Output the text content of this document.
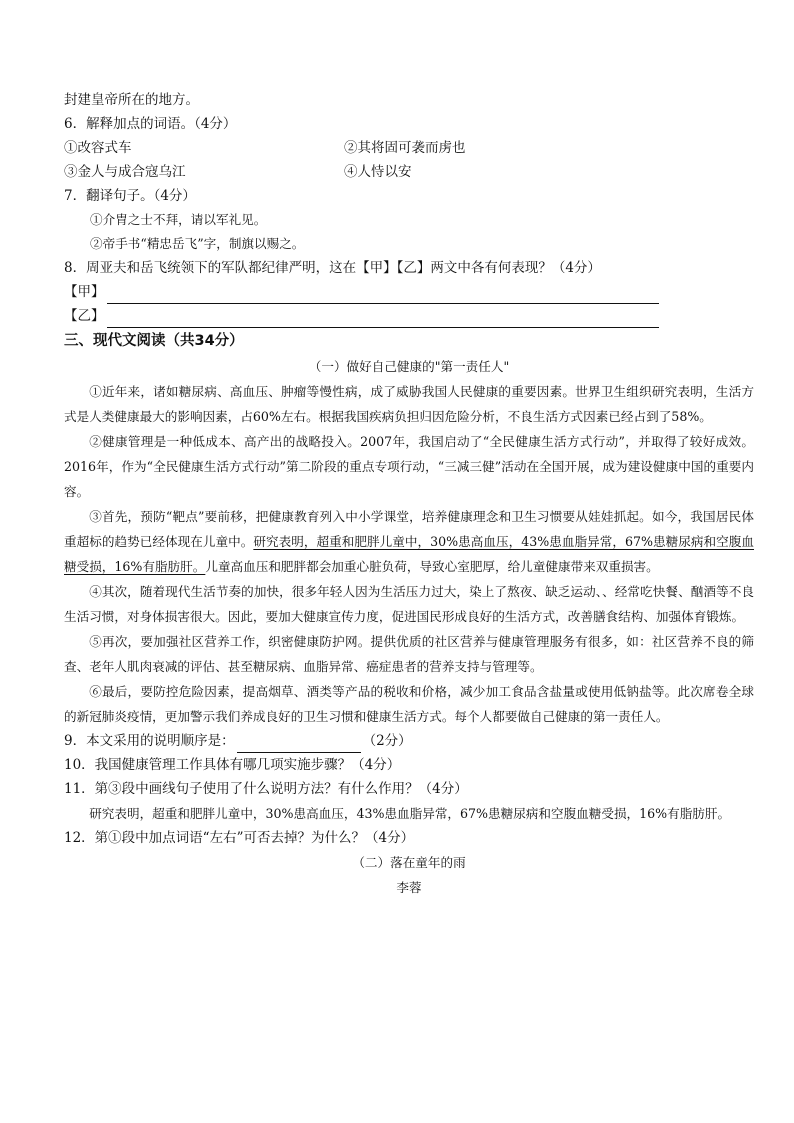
封建皇帝所在的地方。
6．解释加点的词语。（4分）
①改容式车	②其将固可袭而虏也
③金人与成合寇乌江	④人恃以安
7．翻译句子。（4分）
①介胄之士不拜，请以军礼见。
②帝手书“精忠岳飞”字，制旗以赐之。
8．周亚夫和岳飞统领下的军队都纪律严明，这在【甲】【乙】两文中各有何表现？（4分）
【甲】
【乙】
三、现代文阅读（共34分）
（一）做好自己健康的"第一责任人"

①近年来，诸如糖尿病、高血压、肿瘤等慢性病，成了威胁我国人民健康的重要因素。世界卫生组织研究表明，生活方式是人类健康最大的影响因素，占60%左右。根据我国疾病负担归因危险分析，不良生活方式因素已经占到了58%。

②健康管理是一种低成本、高产出的战略投入。2007年，我国启动了“全民健康生活方式行动”，并取得了较好成效。2016年，作为“全民健康生活方式行动”第二阶段的重点专项行动，“三减三健”活动在全国开展，成为建设健康中国的重要内容。

③首先，预防“靶点”要前移，把健康教育列入中小学课堂，培养健康理念和卫生习惯要从娃娃抓起。如今，我国居民体重超标的趋势已经体现在儿童中。研究表明，超重和肥胖儿童中，30%患高血压，43%患血脂异常，67%患糖尿病和空腹血糖受损，16%有脂肪肝。儿童高血压和肥胖都会加重心脏负荷，导致心室肥厚，给儿童健康带来双重损害。

④其次，随着现代生活节奏的加快，很多年轻人因为生活压力过大，染上了熬夜、缺乏运动、、经常吃快餐、酗酒等不良生活习惯，对身体损害很大。因此，要加大健康宣传力度，促进国民形成良好的生活方式，改善膳食结构、加强体育锻炼。

⑤再次，要加强社区营养工作，织密健康防护网。提供优质的社区营养与健康管理服务有很多，如：社区营养不良的筛查、老年人肌肉衰减的评估、甚至糖尿病、血脂异常、癌症患者的营养支持与管理等。

⑥最后，要防控危险因素，提高烟草、酒类等产品的税收和价格，减少加工食品含盐量或使用低钠盐等。此次席卷全球的新冠肺炎疫情，更加警示我们养成良好的卫生习惯和健康生活方式。每个人都要做自己健康的第一责任人。

9．本文采用的说明顺序是：	（2分）
10．我国健康管理工作具体有哪几项实施步骤？（4分）
11．第③段中画线句子使用了什么说明方法？有什么作用？（4分）

研究表明，超重和肥胖儿童中，30%患高血压，43%患血脂异常，67%患糖尿病和空腹血糖受损，16%有脂肪肝。

12．第①段中加点词语“左右”可否去掉？为什么？（4分）
（二）落在童年的雨
李蓉
